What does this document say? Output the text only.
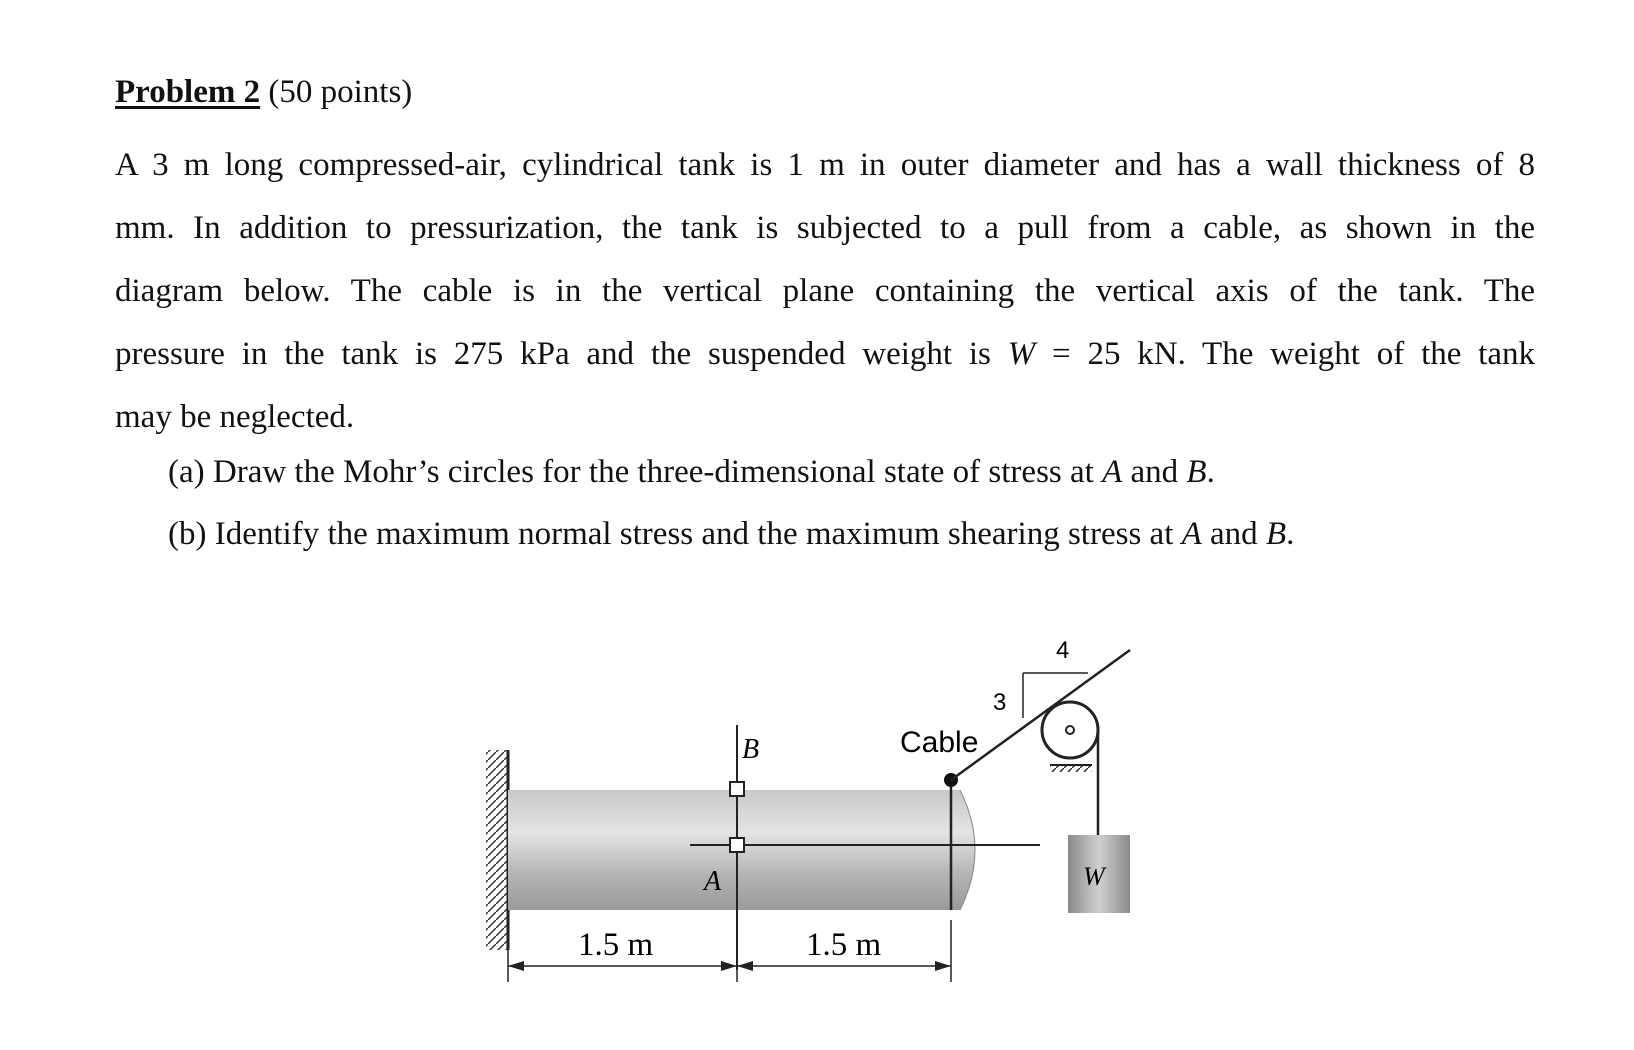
Problem 2 (50 points)
A 3 m long compressed-air, cylindrical tank is 1 m in outer diameter and has a wall thickness of 8
mm. In addition to pressurization, the tank is subjected to a pull from a cable, as shown in the
diagram below. The cable is in the vertical plane containing the vertical axis of the tank. The
pressure in the tank is 275 kPa and the suspended weight is W = 25 kN. The weight of the tank
may be neglected.
(a) Draw the Mohr’s circles for the three-dimensional state of stress at A and B.
(b) Identify the maximum normal stress and the maximum shearing stress at A and B.
B
A
Cable
3
4
W
1.5 m	1.5 m
